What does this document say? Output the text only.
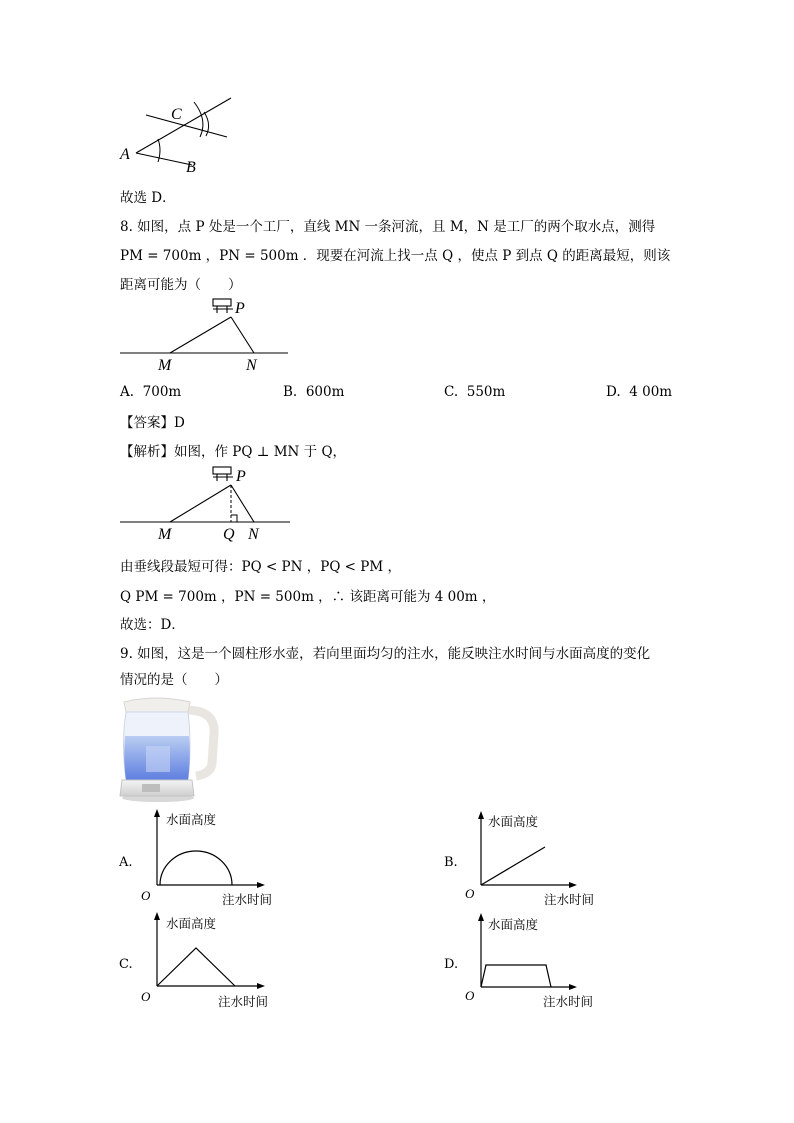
A
C
B
故选 D．
8. 如图，点 P 处是一个工厂，直线 MN 一条河流，且 M，N 是工厂的两个取水点，测得
PM = 700m ，PN = 500m ．现要在河流上找一点 Q ，使点 P 到点 Q 的距离最短，则该
距离可能为（　　）
P
M	N
A. 700m	B. 600m	C. 550m	D. 4 00m
【答案】D
【解析】如图，作 PQ ⊥ MN 于 Q，
P
M	Q N
由垂线段最短可得：PQ < PN ，PQ < PM ，
Q PM = 700m ，PN = 500m ，∴ 该距离可能为 4 00m ，
故选：D．
9. 如图，这是一个圆柱形水壶，若向里面均匀的注水，能反映注水时间与水面高度的变化
情况的是（　　）
A.
水面高度
注水时间
O
B.
水面高度
注水时间
O
C.
水面高度
注水时间
O
D.
水面高度
注水时间
O
